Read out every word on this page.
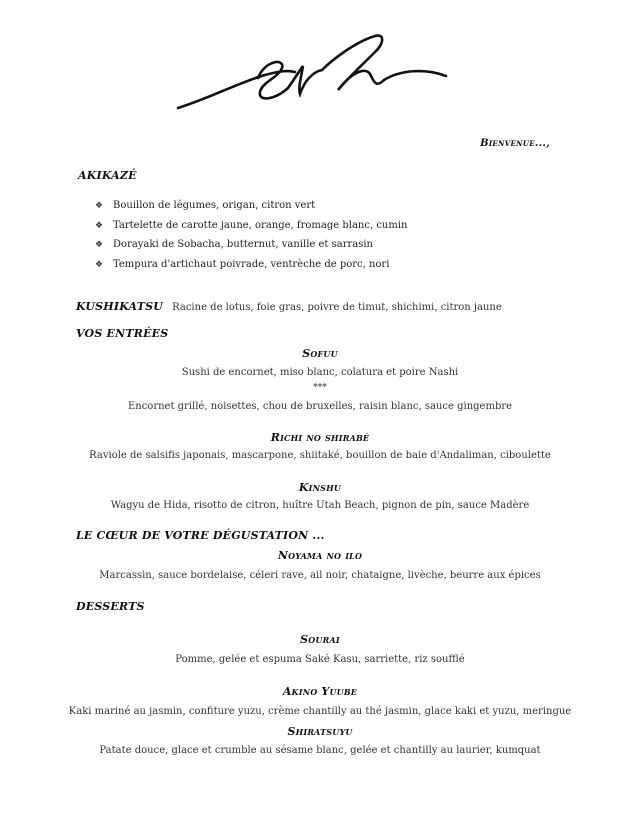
Bienvenue...,
AKIKAZÉ
❖ Bouillon de légumes, origan, citron vert
❖ Tartelette de carotte jaune, orange, fromage blanc, cumin
❖ Dorayaki de Sobacha, butternut, vanille et sarrasin
❖ Tempura d'artichaut poivrade, ventrèche de porc, nori
KUSHIKATSU Racine de lotus, foie gras, poivre de timut, shichimi, citron jaune
VOS ENTRÉES
Sofuu
Sushi de encornet, miso blanc, colatura et poire Nashi
***
Encornet grillé, noisettes, chou de bruxelles, raisin blanc, sauce gingembre
Richi no shirabé
Raviole de salsifis japonais, mascarpone, shiitaké, bouillon de baie d'Andaliman, ciboulette
Kinshu
Wagyu de Hida, risotto de citron, huître Utah Beach, pignon de pin, sauce Madère
LE CŒUR DE VOTRE DÉGUSTATION ...
Noyama no ilo
Marcassin, sauce bordelaise, céleri rave, ail noir, chataigne, livèche, beurre aux épices
DESSERTS
Sourai
Pomme, gelée et espuma Saké Kasu, sarriette, riz soufflé
Akino Yuube
Kaki mariné au jasmin, confiture yuzu, crème chantilly au thé jasmin, glace kaki et yuzu, meringue
Shiratsuyu
Patate douce, glace et crumble au sésame blanc, gelée et chantilly au laurier, kumquat
